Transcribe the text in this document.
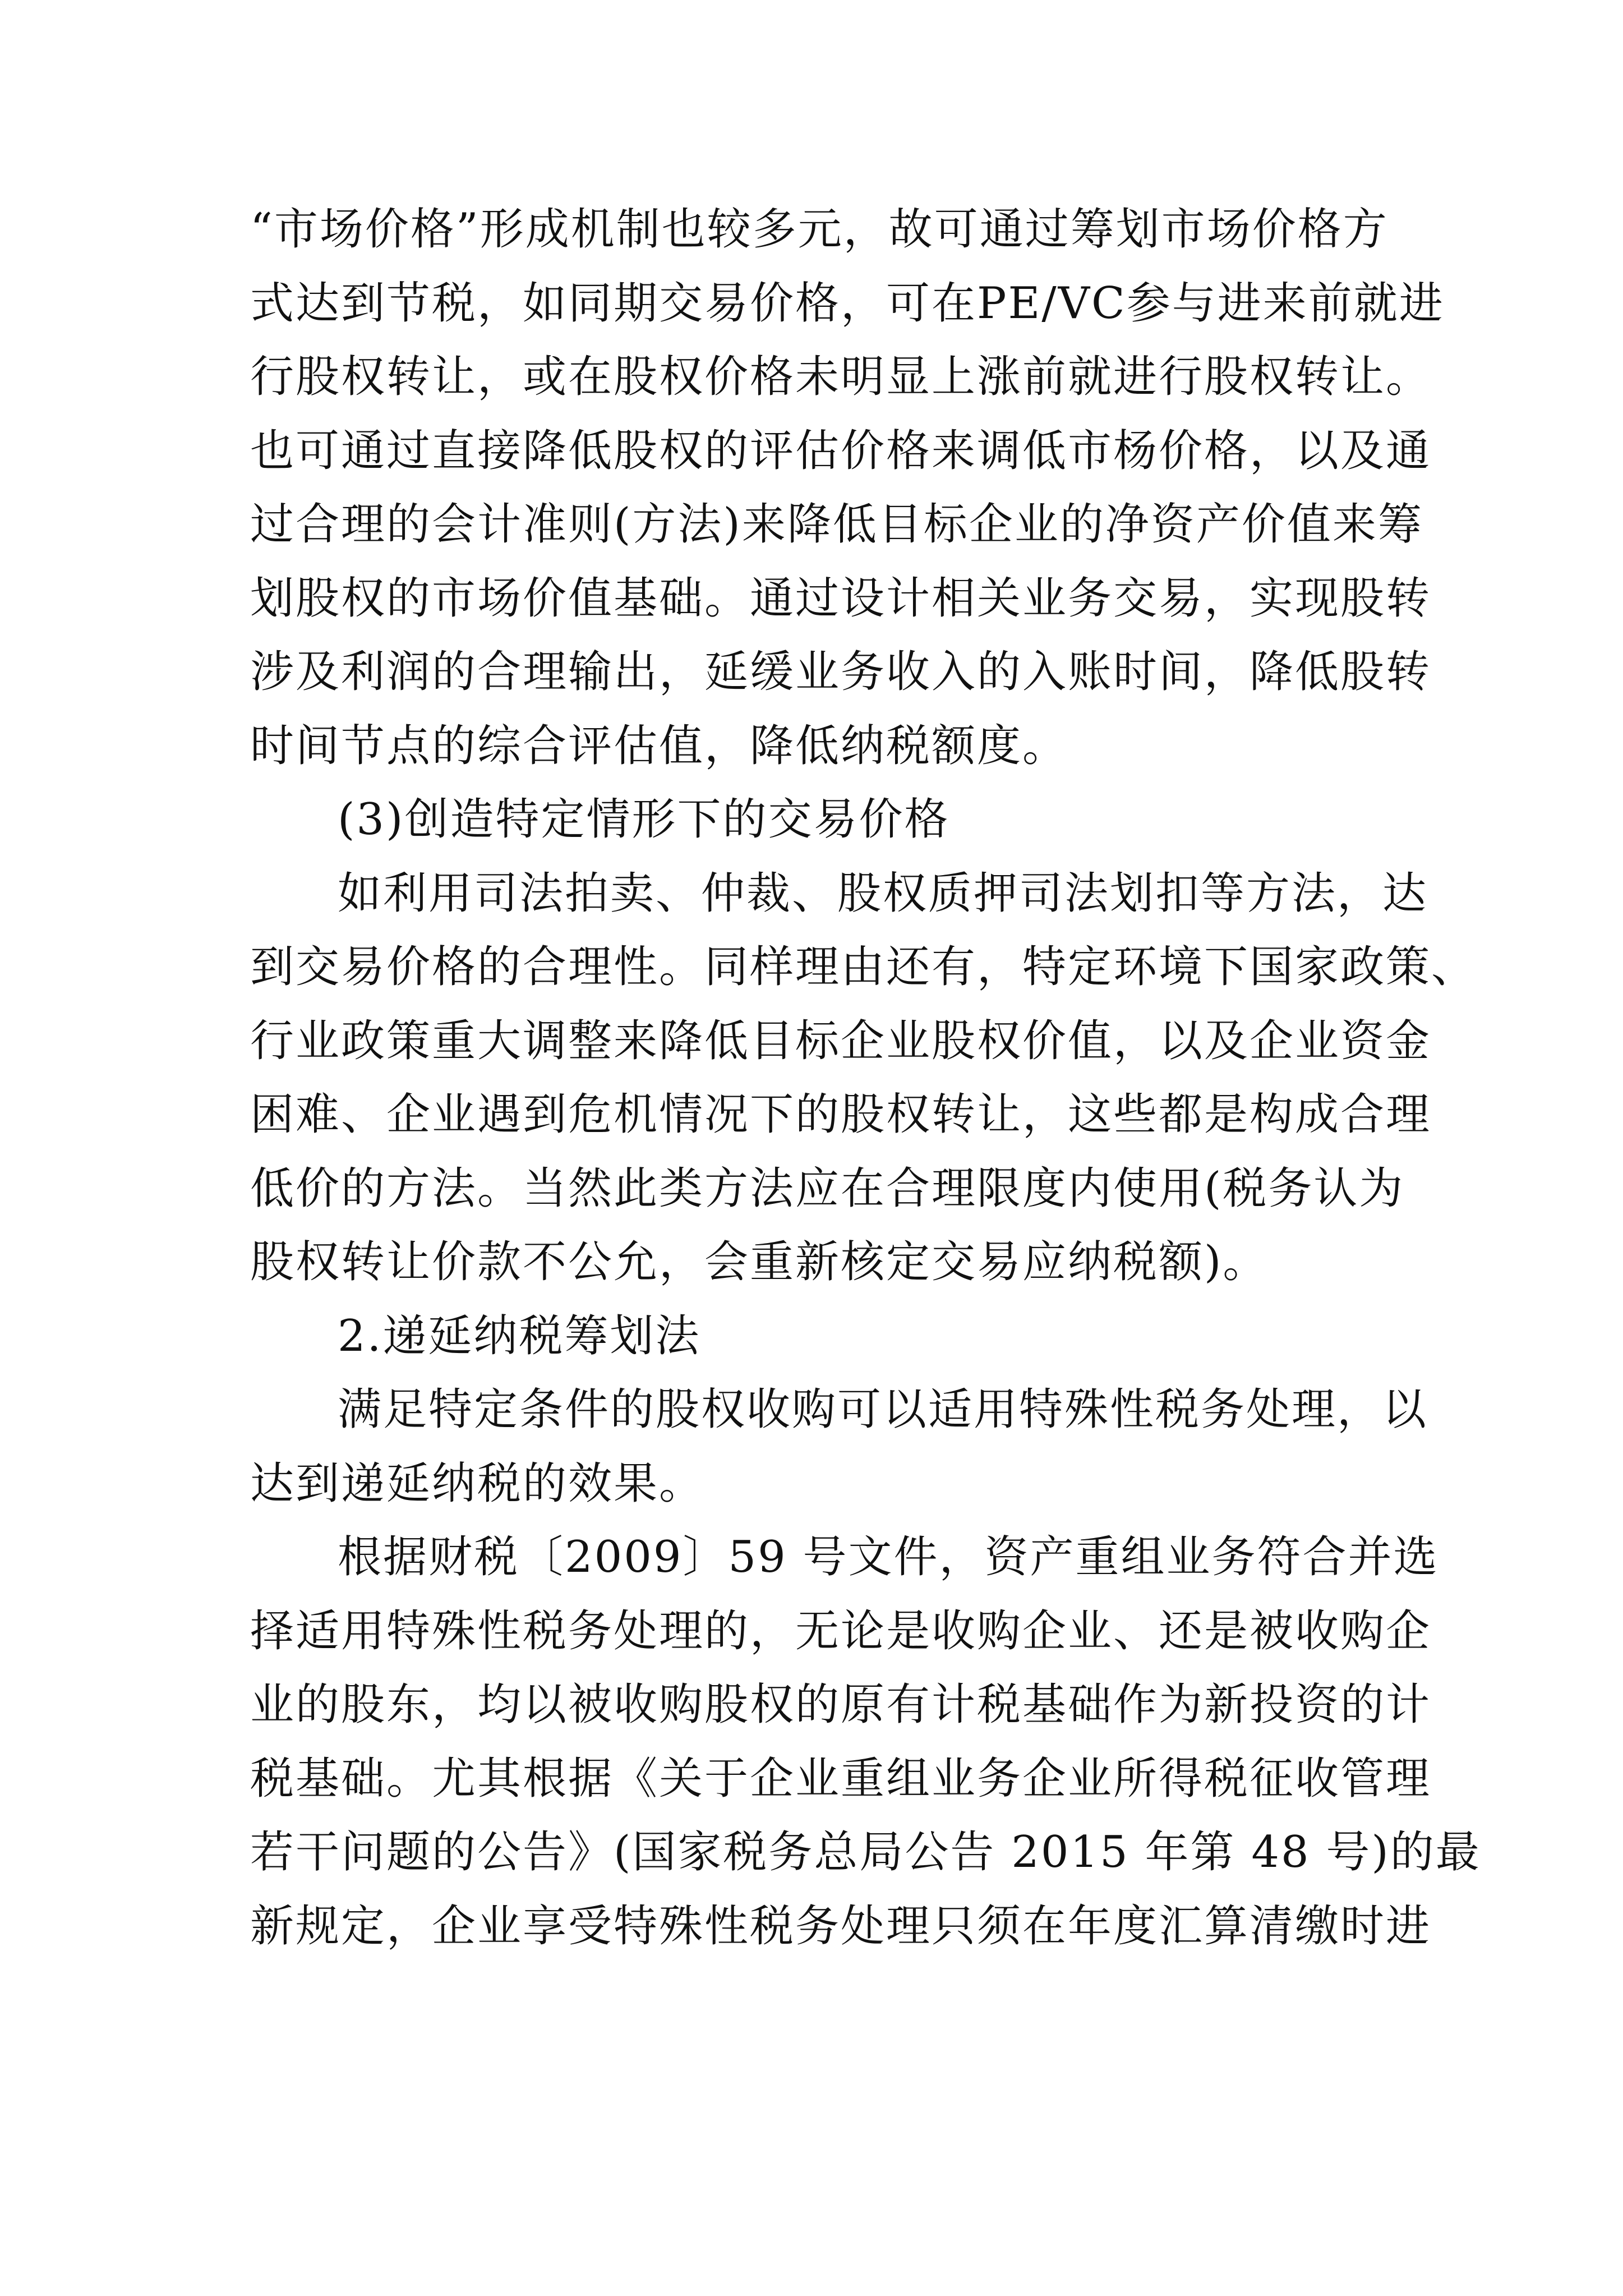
“市场价格”形成机制也较多元，故可通过筹划市场价格方
式达到节税，如同期交易价格，可在PE/VC参与进来前就进
行股权转让，或在股权价格未明显上涨前就进行股权转让。
也可通过直接降低股权的评估价格来调低市杨价格，以及通
过合理的会计准则(方法)来降低目标企业的净资产价值来筹
划股权的市场价值基础。通过设计相关业务交易，实现股转
涉及利润的合理输出，延缓业务收入的入账时间，降低股转
时间节点的综合评估值，降低纳税额度。
(3)创造特定情形下的交易价格
如利用司法拍卖、仲裁、股权质押司法划扣等方法，达
到交易价格的合理性。同样理由还有，特定环境下国家政策、
行业政策重大调整来降低目标企业股权价值，以及企业资金
困难、企业遇到危机情况下的股权转让，这些都是构成合理
低价的方法。当然此类方法应在合理限度内使用(税务认为
股权转让价款不公允，会重新核定交易应纳税额)。
2.递延纳税筹划法
满足特定条件的股权收购可以适用特殊性税务处理，以
达到递延纳税的效果。
根据财税〔2009〕59 号文件，资产重组业务符合并选
择适用特殊性税务处理的，无论是收购企业、还是被收购企
业的股东，均以被收购股权的原有计税基础作为新投资的计
税基础。尤其根据《关于企业重组业务企业所得税征收管理
若干问题的公告》(国家税务总局公告 2015 年第 48 号)的最
新规定，企业享受特殊性税务处理只须在年度汇算清缴时进
